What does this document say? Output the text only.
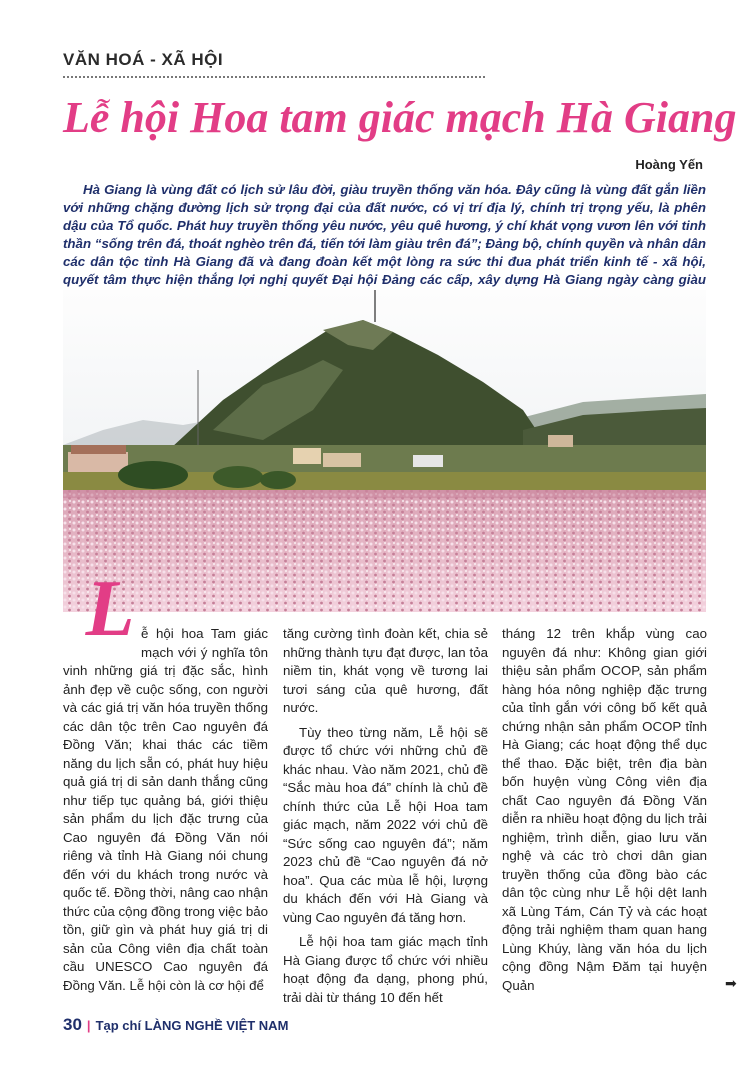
VĂN HOÁ - XÃ HỘI
Lễ hội Hoa tam giác mạch Hà Giang
Hoàng Yến

Hà Giang là vùng đất có lịch sử lâu đời, giàu truyền thống văn hóa. Đây cũng là vùng đất gắn liền với những chặng đường lịch sử trọng đại của đất nước, có vị trí địa lý, chính trị trọng yếu, là phên dậu của Tổ quốc. Phát huy truyền thống yêu nước, yêu quê hương, ý chí khát vọng vươn lên với tinh thần “sống trên đá, thoát nghèo trên đá, tiến tới làm giàu trên đá”; Đảng bộ, chính quyền và nhân dân các dân tộc tỉnh Hà Giang đã và đang đoàn kết một lòng ra sức thi đua phát triển kinh tế - xã hội, quyết tâm thực hiện thắng lợi nghị quyết Đại hội Đảng các cấp, xây dựng Hà Giang ngày càng giàu

L ễ hội hoa Tam giác mạch với ý nghĩa tôn vinh những giá trị đặc sắc, hình ảnh đẹp về cuộc sống, con người và các giá trị văn hóa truyền thống các dân tộc trên Cao nguyên đá Đồng Văn; khai thác các tiềm năng du lịch sẵn có, phát huy hiệu quả giá trị di sản danh thắng cũng như tiếp tục quảng bá, giới thiệu sản phẩm du lịch đặc trưng của Cao nguyên đá Đồng Văn nói riêng và tỉnh Hà Giang nói chung đến với du khách trong nước và quốc tế. Đồng thời, nâng cao nhận thức của cộng đồng trong việc bảo tồn, giữ gìn và phát huy giá trị di sản của Công viên địa chất toàn cầu UNESCO Cao nguyên đá Đồng Văn. Lễ hội còn là cơ hội để

tăng cường tình đoàn kết, chia sẻ những thành tựu đạt được, lan tỏa niềm tin, khát vọng về tương lai tươi sáng của quê hương, đất nước.

Tùy theo từng năm, Lễ hội sẽ được tổ chức với những chủ đề khác nhau. Vào năm 2021, chủ đề “Sắc màu hoa đá” chính là chủ đề chính thức của Lễ hội Hoa tam giác mạch, năm 2022 với chủ đề “Sức sống cao nguyên đá”; năm 2023 chủ đề “Cao nguyên đá nở hoa”. Qua các mùa lễ hội, lượng du khách đến với Hà Giang và vùng Cao nguyên đá tăng hơn.

Lễ hội hoa tam giác mạch tỉnh Hà Giang được tổ chức với nhiều hoạt động đa dạng, phong phú, trải dài từ tháng 10 đến hết

tháng 12 trên khắp vùng cao nguyên đá như: Không gian giới thiệu sản phẩm OCOP, sản phẩm hàng hóa nông nghiệp đặc trưng của tỉnh gắn với công bố kết quả chứng nhận sản phẩm OCOP tỉnh Hà Giang; các hoạt động thể dục thể thao. Đặc biệt, trên địa bàn bốn huyện vùng Công viên địa chất Cao nguyên đá Đồng Văn diễn ra nhiều hoạt động du lịch trải nghiệm, trình diễn, giao lưu văn nghệ và các trò chơi dân gian truyền thống của đồng bào các dân tộc cùng như Lễ hội dệt lanh xã Lùng Tám, Cán Tỷ và các hoạt động trải nghiệm tham quan hang Lùng Khúy, làng văn hóa du lịch cộng đồng Nậm Đăm tại huyện Quản	➡
30 | Tạp chí LÀNG NGHỀ VIỆT NAM
